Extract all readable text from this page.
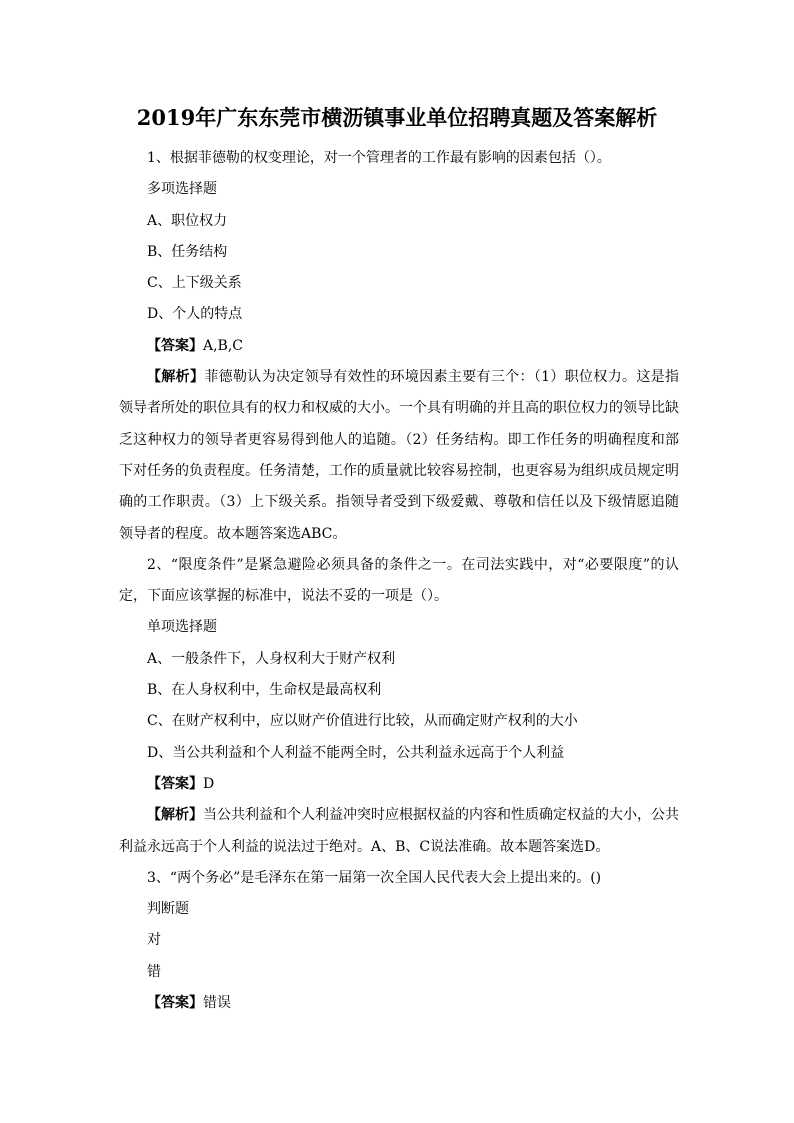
2019年广东东莞市横沥镇事业单位招聘真题及答案解析
1、根据菲德勒的权变理论，对一个管理者的工作最有影响的因素包括（）。
多项选择题
A、职位权力
B、任务结构
C、上下级关系
D、个人的特点
【答案】A,B,C

【解析】菲德勒认为决定领导有效性的环境因素主要有三个：（1）职位权力。这是指领导者所处的职位具有的权力和权威的大小。一个具有明确的并且高的职位权力的领导比缺乏这种权力的领导者更容易得到他人的追随。（2）任务结构。即工作任务的明确程度和部下对任务的负责程度。任务清楚，工作的质量就比较容易控制，也更容易为组织成员规定明确的工作职责。（3）上下级关系。指领导者受到下级爱戴、尊敬和信任以及下级情愿追随领导者的程度。故本题答案选ABC。

2、“限度条件”是紧急避险必须具备的条件之一。在司法实践中，对“必要限度”的认定，下面应该掌握的标准中，说法不妥的一项是（）。

单项选择题
A、一般条件下，人身权利大于财产权利
B、在人身权利中，生命权是最高权利
C、在财产权利中，应以财产价值进行比较，从而确定财产权利的大小
D、当公共利益和个人利益不能两全时，公共利益永远高于个人利益
【答案】D

【解析】当公共利益和个人利益冲突时应根据权益的内容和性质确定权益的大小，公共利益永远高于个人利益的说法过于绝对。A、B、C说法准确。故本题答案选D。

3、“两个务必”是毛泽东在第一届第一次全国人民代表大会上提出来的。()
判断题
对
错
【答案】错误
